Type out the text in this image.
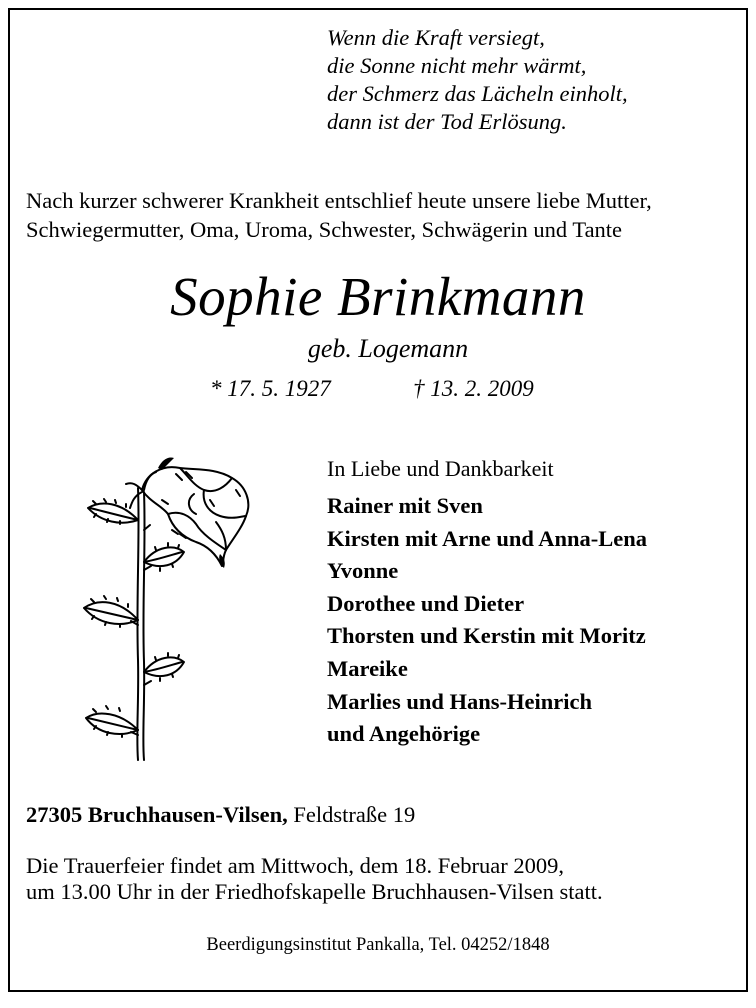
Wenn die Kraft versiegt,
die Sonne nicht mehr wärmt,
der Schmerz das Lächeln einholt,
dann ist der Tod Erlösung.
Nach kurzer schwerer Krankheit entschlief heute unsere liebe Mutter,
Schwiegermutter, Oma, Uroma, Schwester, Schwägerin und Tante
Sophie Brinkmann
geb. Logemann
* 17. 5. 1927	† 13. 2. 2009
In Liebe und Dankbarkeit
Rainer mit Sven
Kirsten mit Arne und Anna-Lena
Yvonne
Dorothee und Dieter
Thorsten und Kerstin mit Moritz
Mareike
Marlies und Hans-Heinrich
und Angehörige
27305 Bruchhausen-Vilsen, Feldstraße 19
Die Trauerfeier findet am Mittwoch, dem 18. Februar 2009,
um 13.00 Uhr in der Friedhofskapelle Bruchhausen-Vilsen statt.
Beerdigungsinstitut Pankalla, Tel. 04252/1848
